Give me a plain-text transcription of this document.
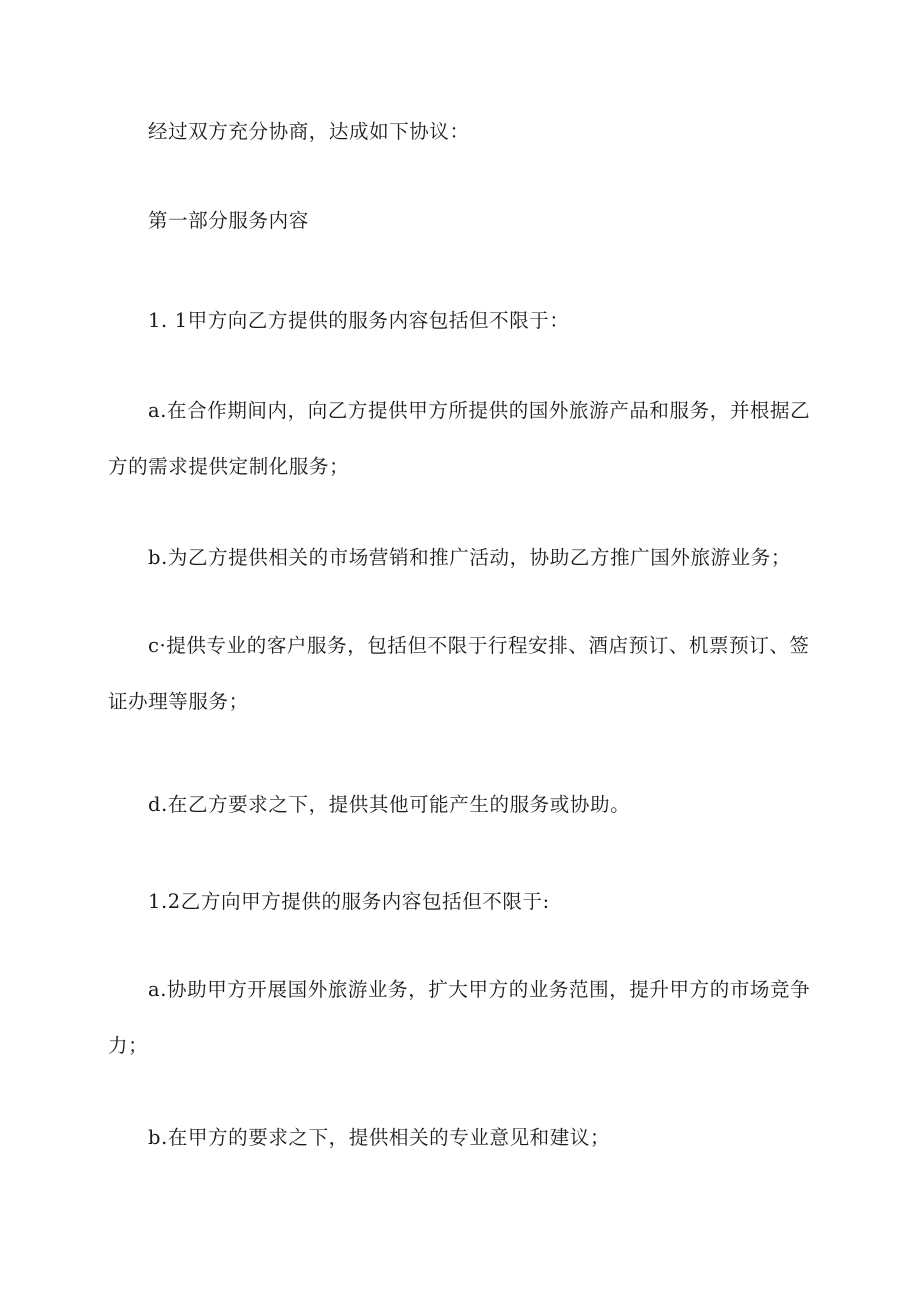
经过双方充分协商，达成如下协议：

第一部分服务内容

1. 1甲方向乙方提供的服务内容包括但不限于：

a.在合作期间内，向乙方提供甲方所提供的国外旅游产品和服务，并根据乙方的需求提供定制化服务；

b.为乙方提供相关的市场营销和推广活动，协助乙方推广国外旅游业务；

c·提供专业的客户服务，包括但不限于行程安排、酒店预订、机票预订、签证办理等服务；

d.在乙方要求之下，提供其他可能产生的服务或协助。

1.2乙方向甲方提供的服务内容包括但不限于:

a.协助甲方开展国外旅游业务，扩大甲方的业务范围，提升甲方的市场竞争力；

b.在甲方的要求之下，提供相关的专业意见和建议；
